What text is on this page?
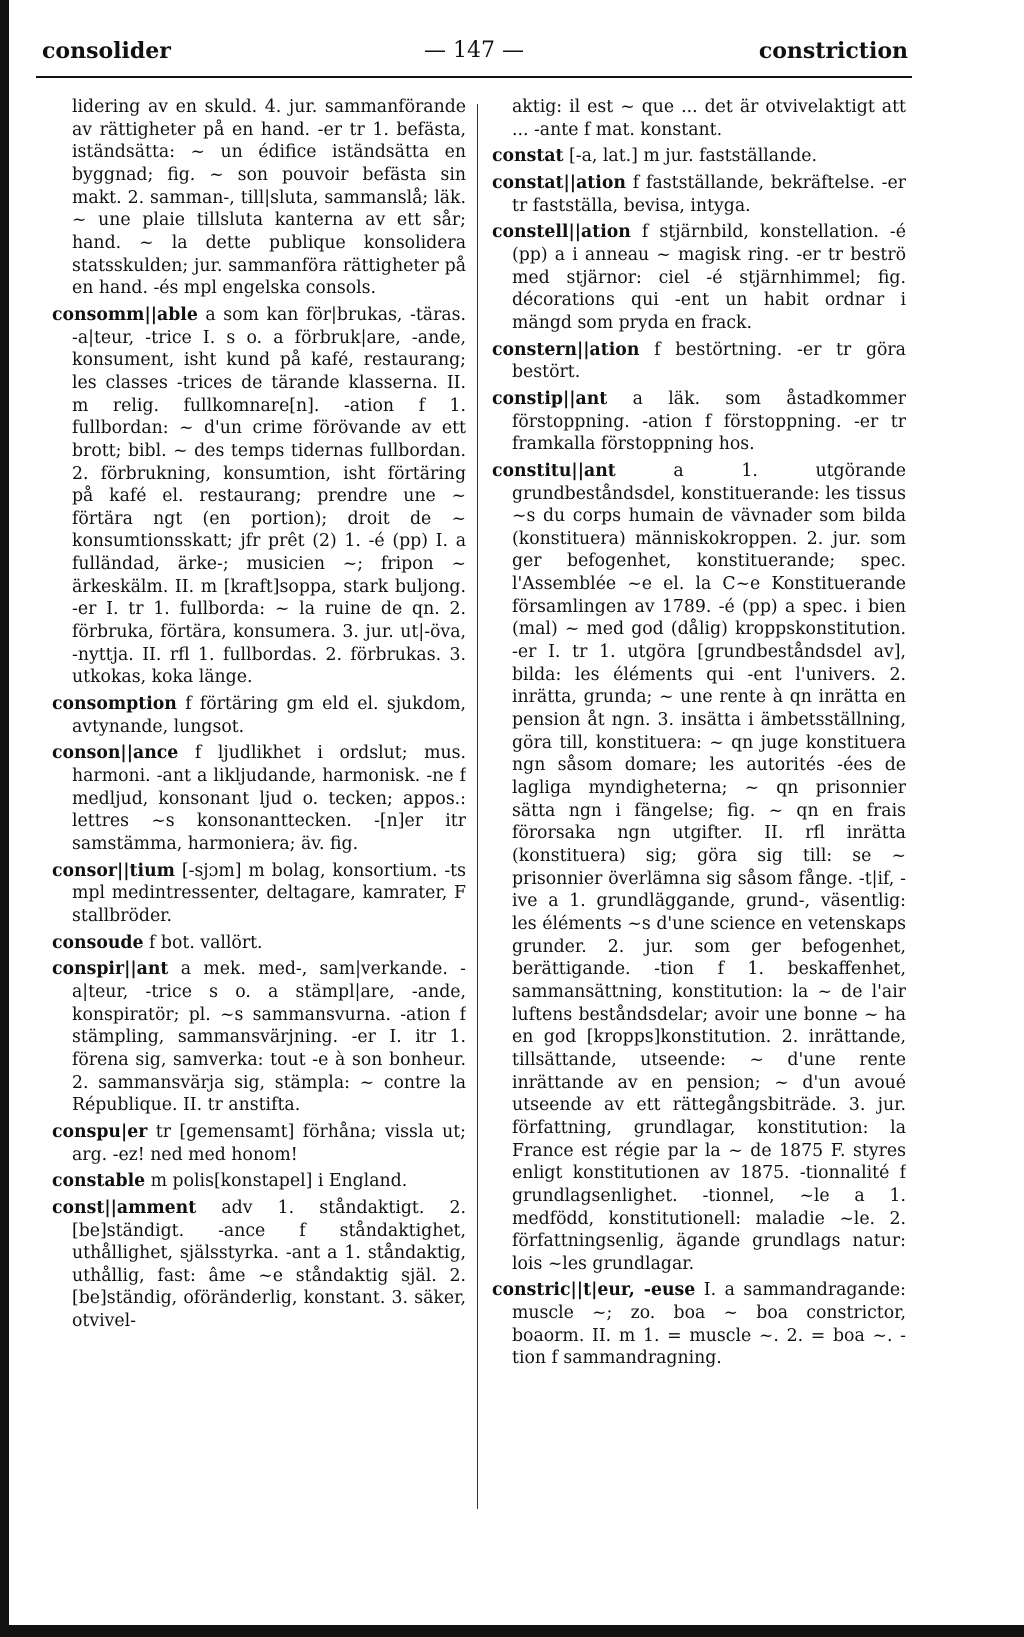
consolider	— 147 —	constriction

lidering av en skuld. 4. jur. sammanförande av rättigheter på en hand. -er tr 1. befästa, iständsätta: ~ un édifice iständsätta en byggnad; fig. ~ son pouvoir befästa sin makt. 2. samman-, till|sluta, sammanslå; läk. ~ une plaie tillsluta kanterna av ett sår; hand. ~ la dette publique konsolidera statsskulden; jur. sammanföra rättigheter på en hand. -és mpl engelska consols.

consomm||able a som kan för|brukas, -täras. -a|teur, -trice I. s o. a förbruk|are, -ande, konsument, isht kund på kafé, restaurang; les classes -trices de tärande klasserna. II. m relig. fullkomnare[n]. -ation f 1. fullbordan: ~ d'un crime förövande av ett brott; bibl. ~ des temps tidernas fullbordan. 2. förbrukning, konsumtion, isht förtäring på kafé el. restaurang; prendre une ~ förtära ngt (en portion); droit de ~ konsumtionsskatt; jfr prêt (2) 1. -é (pp) I. a fulländad, ärke-; musicien ~; fripon ~ ärkeskälm. II. m [kraft]soppa, stark buljong. -er I. tr 1. fullborda: ~ la ruine de qn. 2. förbruka, förtära, konsumera. 3. jur. ut|-öva, -nyttja. II. rfl 1. fullbordas. 2. förbrukas. 3. utkokas, koka länge.

consomption f förtäring gm eld el. sjukdom, avtynande, lungsot.

conson||ance f ljudlikhet i ordslut; mus. harmoni. -ant a likljudande, harmonisk. -ne f medljud, konsonant ljud o. tecken; appos.: lettres ~s konsonanttecken. -[n]er itr samstämma, harmoniera; äv. fig.

consor||tium [-sjɔm] m bolag, konsortium. -ts mpl medintressenter, deltagare, kamrater, F stallbröder.

consoude f bot. vallört.

conspir||ant a mek. med-, sam|verkande. -a|teur, -trice s o. a stämpl|are, -ande, konspiratör; pl. ~s sammansvurna. -ation f stämpling, sammansvärjning. -er I. itr 1. förena sig, samverka: tout -e à son bonheur. 2. sammansvärja sig, stämpla: ~ contre la République. II. tr anstifta.

conspu|er tr [gemensamt] förhåna; vissla ut; arg. -ez! ned med honom!

constable m polis[konstapel] i England.

const||amment adv 1. ståndaktigt. 2. [be]ständigt. -ance f ståndaktighet, uthållighet, själsstyrka. -ant a 1. ståndaktig, uthållig, fast: âme ~e ståndaktig själ. 2. [be]ständig, oföränderlig, konstant. 3. säker, otvivel-

aktig: il est ~ que ... det är otvivelaktigt att ... -ante f mat. konstant.

constat [-a, lat.] m jur. fastställande.

constat||ation f fastställande, bekräftelse. -er tr fastställa, bevisa, intyga.

constell||ation f stjärnbild, konstellation. -é (pp) a i anneau ~ magisk ring. -er tr beströ med stjärnor: ciel -é stjärnhimmel; fig. décorations qui -ent un habit ordnar i mängd som pryda en frack.

constern||ation f bestörtning. -er tr göra bestört.

constip||ant a läk. som åstadkommer förstoppning. -ation f förstoppning. -er tr framkalla förstoppning hos.

constitu||ant	a 1. utgörande grundbeståndsdel, konstituerande: les tissus ~s du corps humain de vävnader som bilda (konstituera) människokroppen. 2. jur. som ger befogenhet, konstituerande; spec. l'Assemblée ~e el. la C~e Konstituerande församlingen av 1789. -é (pp) a spec. i bien (mal) ~ med god (dålig) kroppskonstitution. -er I. tr 1. utgöra [grundbeståndsdel av], bilda: les éléments qui -ent l'univers. 2. inrätta, grunda; ~ une rente à qn inrätta en pension åt ngn. 3. insätta i ämbetsställning, göra till, konstituera: ~ qn juge konstituera ngn såsom domare; les autorités -ées de lagliga myndigheterna; ~ qn prisonnier sätta ngn i fängelse; fig. ~ qn en frais förorsaka ngn utgifter. II. rfl inrätta (konstituera) sig; göra sig till: se ~ prisonnier överlämna sig såsom fånge. -t|if, -ive a 1. grundläggande, grund-, väsentlig: les éléments ~s d'une science en vetenskaps grunder. 2. jur. som ger befogenhet, berättigande. -tion f 1. beskaffenhet, sammansättning, konstitution: la ~ de l'air luftens beståndsdelar; avoir une bonne ~ ha en god [kropps]konstitution. 2. inrättande, tillsättande, utseende: ~ d'une rente inrättande av en pension; ~ d'un avoué utseende av ett rättegångsbiträde. 3. jur. författning, grundlagar, konstitution: la France est régie par la ~ de 1875 F. styres enligt konstitutionen av 1875. -tionnalité f grundlagsenlighet. -tionnel, ~le a 1. medfödd, konstitutionell: maladie ~le. 2. författningsenlig, ägande grundlags natur: lois ~les grundlagar.

constric||t|eur, -euse I. a sammandragande: muscle ~; zo. boa ~ boa constrictor, boaorm. II. m 1. = muscle ~. 2. = boa ~. -tion f sammandragning.
